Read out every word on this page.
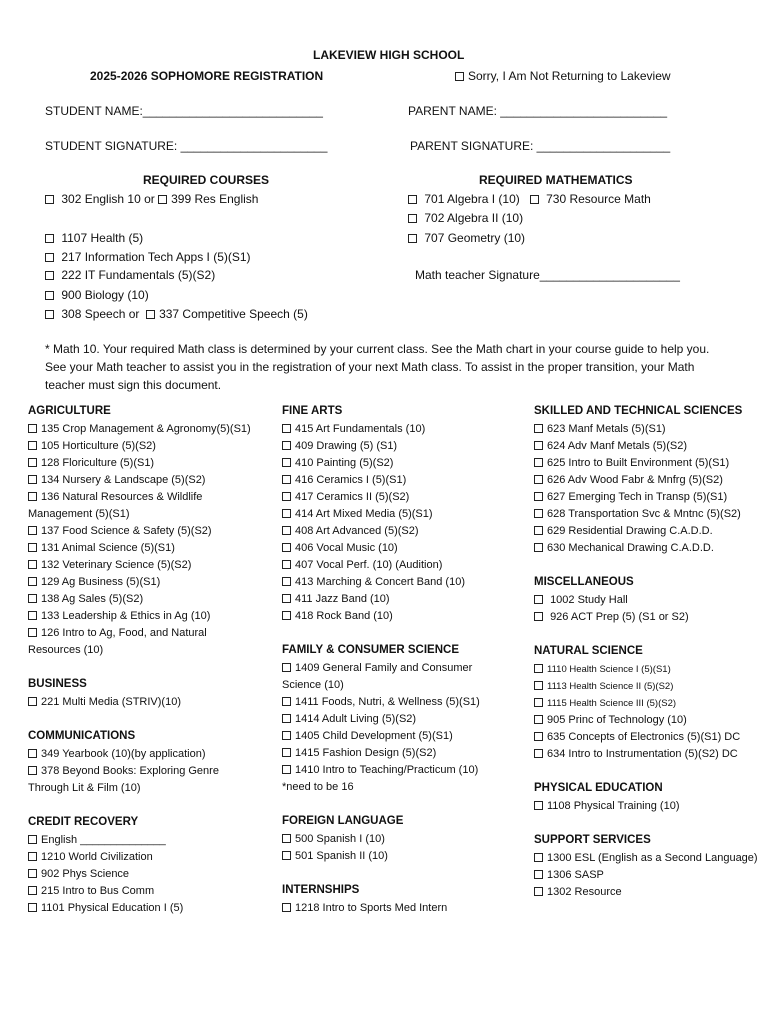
LAKEVIEW HIGH SCHOOL
2025-2026 SOPHOMORE REGISTRATION	Sorry, I Am Not Returning to Lakeview
STUDENT NAME:___________________________	PARENT NAME: _________________________
STUDENT SIGNATURE: ______________________	PARENT SIGNATURE: ____________________
REQUIRED COURSES
302 English 10 or 399 Res English
1107 Health (5)
217 Information Tech Apps I (5)(S1)
222 IT Fundamentals (5)(S2)
900 Biology (10)
308 Speech or 337 Competitive Speech (5)
REQUIRED MATHEMATICS
701 Algebra I (10) 730 Resource Math
702 Algebra II (10)
707 Geometry (10)
Math teacher Signature_____________________
* Math 10. Your required Math class is determined by your current class. See the Math chart in your course guide to help you. See your Math teacher to assist you in the registration of your next Math class. To assist in the proper transition, your Math teacher must sign this document.
AGRICULTURE
135 Crop Management & Agronomy(5)(S1)
105 Horticulture (5)(S2)
128 Floriculture (5)(S1)
134 Nursery & Landscape (5)(S2)
136 Natural Resources & Wildlife Management (5)(S1)
137 Food Science & Safety (5)(S2)
131 Animal Science (5)(S1)
132 Veterinary Science (5)(S2)
129 Ag Business (5)(S1)
138 Ag Sales (5)(S2)
133 Leadership & Ethics in Ag (10)
126 Intro to Ag, Food, and Natural Resources (10)
BUSINESS
221 Multi Media (STRIV)(10)
COMMUNICATIONS
349 Yearbook (10)(by application)
378 Beyond Books: Exploring Genre Through Lit & Film (10)
CREDIT RECOVERY
English ______________
1210 World Civilization
902 Phys Science
215 Intro to Bus Comm
1101 Physical Education I (5)
FINE ARTS
415 Art Fundamentals (10)
409 Drawing (5) (S1)
410 Painting (5)(S2)
416 Ceramics I (5)(S1)
417 Ceramics II (5)(S2)
414 Art Mixed Media (5)(S1)
408 Art Advanced (5)(S2)
406 Vocal Music (10)
407 Vocal Perf. (10) (Audition)
413 Marching & Concert Band (10)
411 Jazz Band (10)
418 Rock Band (10)
FAMILY & CONSUMER SCIENCE
1409 General Family and Consumer Science (10)
1411 Foods, Nutri, & Wellness (5)(S1)
1414 Adult Living (5)(S2)
1405 Child Development (5)(S1)
1415 Fashion Design (5)(S2)
1410 Intro to Teaching/Practicum (10)
*need to be 16
FOREIGN LANGUAGE
500 Spanish I (10)
501 Spanish II (10)
INTERNSHIPS
1218 Intro to Sports Med Intern
SKILLED AND TECHNICAL SCIENCES
623 Manf Metals (5)(S1)
624 Adv Manf Metals (5)(S2)
625 Intro to Built Environment (5)(S1)
626 Adv Wood Fabr & Mnfrg (5)(S2)
627 Emerging Tech in Transp (5)(S1)
628 Transportation Svc & Mntnc (5)(S2)
629 Residential Drawing C.A.D.D.
630 Mechanical Drawing C.A.D.D.
MISCELLANEOUS
1002 Study Hall
926 ACT Prep (5) (S1 or S2)
NATURAL SCIENCE
1110 Health Science I (5)(S1)
1113 Health Science II (5)(S2)
1115 Health Science III (5)(S2)
905 Princ of Technology (10)
635 Concepts of Electronics (5)(S1) DC
634 Intro to Instrumentation (5)(S2) DC
PHYSICAL EDUCATION
1108 Physical Training (10)
SUPPORT SERVICES
1300 ESL (English as a Second Language)
1306 SASP
1302 Resource
